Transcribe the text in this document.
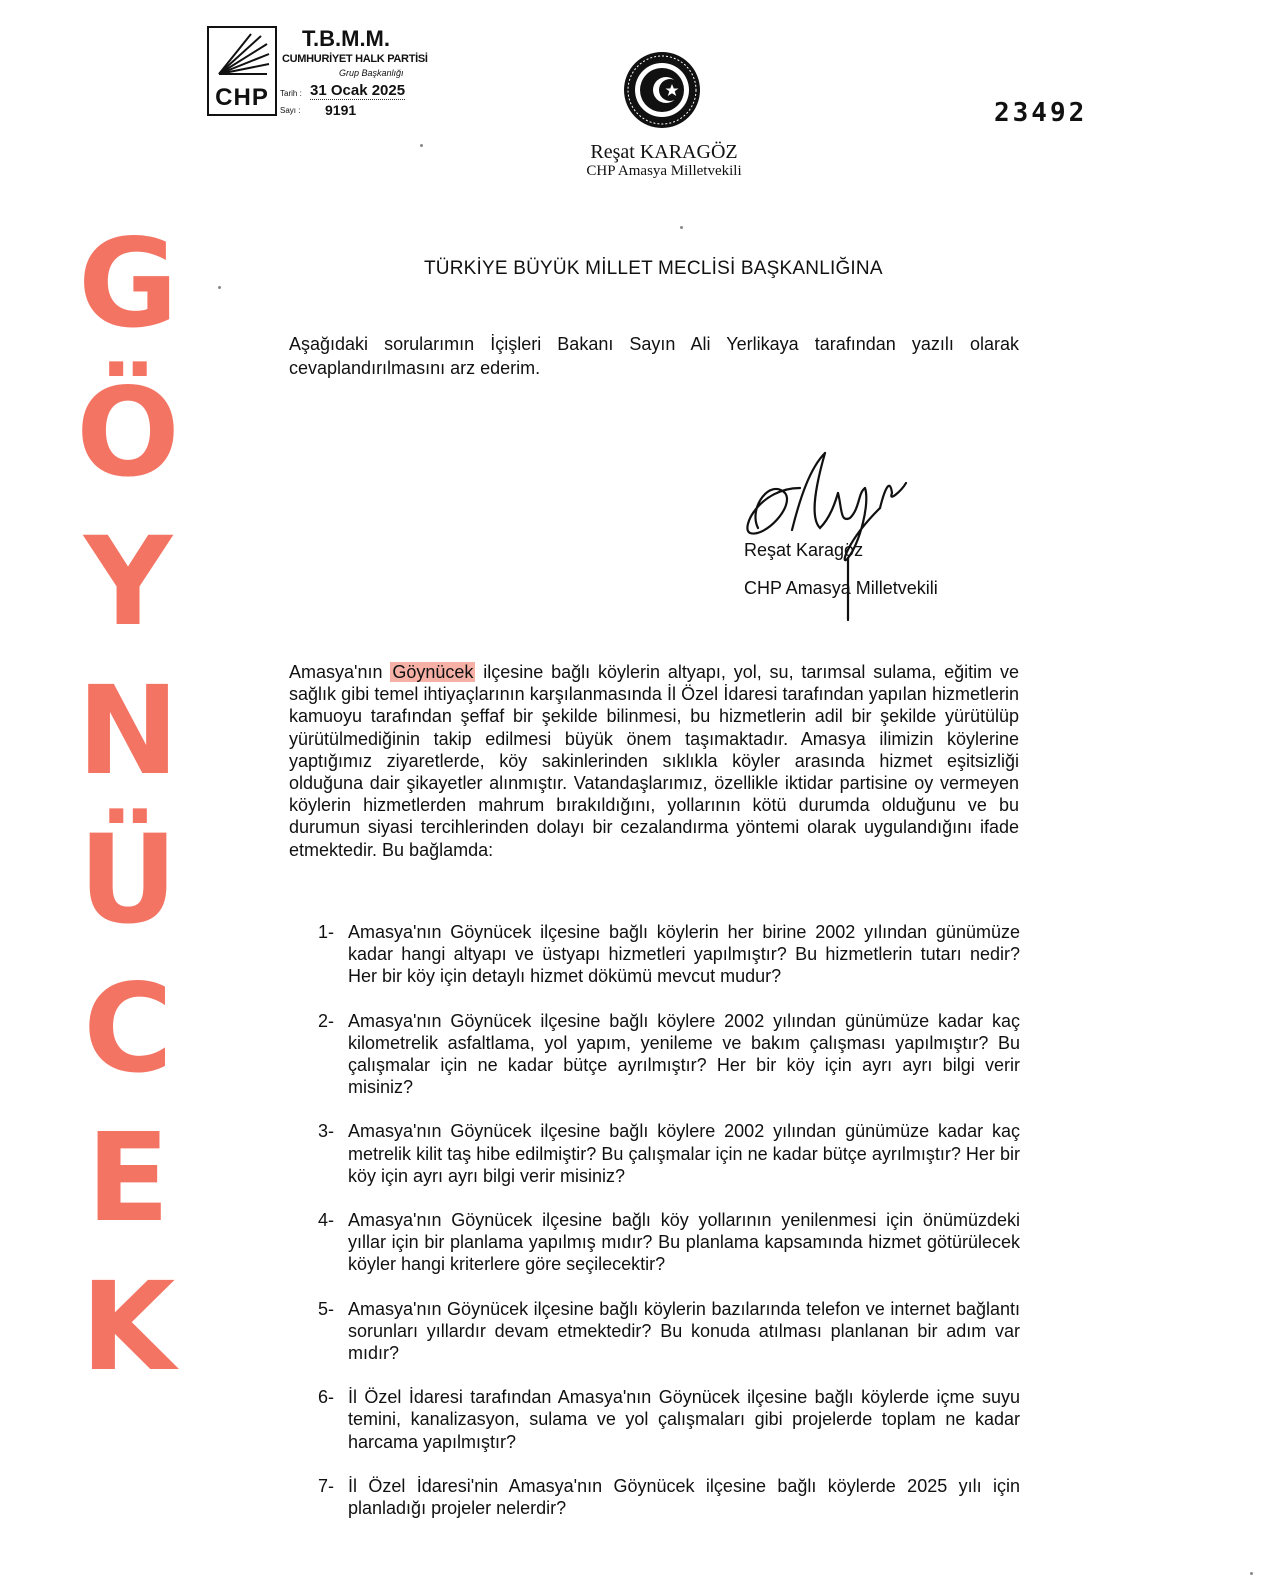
CHP
T.B.M.M.
CUMHURİYET HALK PARTİSİ
Grup Başkanlığı
Tarih : 31 Ocak 2025
Sayı : 9191	23492
Reşat KARAGÖZ
CHP Amasya Milletvekili
G
Ö
Y
N
Ü
C
E
K
TÜRKİYE BÜYÜK MİLLET MECLİSİ BAŞKANLIĞINA
Aşağıdaki sorularımın İçişleri Bakanı Sayın Ali Yerlikaya tarafından yazılı olarak cevaplandırılmasını arz ederim.
Reşat Karagöz
CHP Amasya Milletvekili
Amasya'nın Göynücek ilçesine bağlı köylerin altyapı, yol, su, tarımsal sulama, eğitim ve sağlık gibi temel ihtiyaçlarının karşılanmasında İl Özel İdaresi tarafından yapılan hizmetlerin kamuoyu tarafından şeffaf bir şekilde bilinmesi, bu hizmetlerin adil bir şekilde yürütülüp yürütülmediğinin takip edilmesi büyük önem taşımaktadır. Amasya ilimizin köylerine yaptığımız ziyaretlerde, köy sakinlerinden sıklıkla köyler arasında hizmet eşitsizliği olduğuna dair şikayetler alınmıştır. Vatandaşlarımız, özellikle iktidar partisine oy vermeyen köylerin hizmetlerden mahrum bırakıldığını, yollarının kötü durumda olduğunu ve bu durumun siyasi tercihlerinden dolayı bir cezalandırma yöntemi olarak uygulandığını ifade etmektedir. Bu bağlamda:
1- Amasya'nın Göynücek ilçesine bağlı köylerin her birine 2002 yılından günümüze kadar hangi altyapı ve üstyapı hizmetleri yapılmıştır? Bu hizmetlerin tutarı nedir? Her bir köy için detaylı hizmet dökümü mevcut mudur?
2- Amasya'nın Göynücek ilçesine bağlı köylere 2002 yılından günümüze kadar kaç kilometrelik asfaltlama, yol yapım, yenileme ve bakım çalışması yapılmıştır? Bu çalışmalar için ne kadar bütçe ayrılmıştır? Her bir köy için ayrı ayrı bilgi verir misiniz?
3- Amasya'nın Göynücek ilçesine bağlı köylere 2002 yılından günümüze kadar kaç metrelik kilit taş hibe edilmiştir? Bu çalışmalar için ne kadar bütçe ayrılmıştır? Her bir köy için ayrı ayrı bilgi verir misiniz?
4- Amasya'nın Göynücek ilçesine bağlı köy yollarının yenilenmesi için önümüzdeki yıllar için bir planlama yapılmış mıdır? Bu planlama kapsamında hizmet götürülecek köyler hangi kriterlere göre seçilecektir?
5- Amasya'nın Göynücek ilçesine bağlı köylerin bazılarında telefon ve internet bağlantı sorunları yıllardır devam etmektedir? Bu konuda atılması planlanan bir adım var mıdır?
6- İl Özel İdaresi tarafından Amasya'nın Göynücek ilçesine bağlı köylerde içme suyu temini, kanalizasyon, sulama ve yol çalışmaları gibi projelerde toplam ne kadar harcama yapılmıştır?
7- İl Özel İdaresi'nin Amasya'nın Göynücek ilçesine bağlı köylerde 2025 yılı için planladığı projeler nelerdir?
